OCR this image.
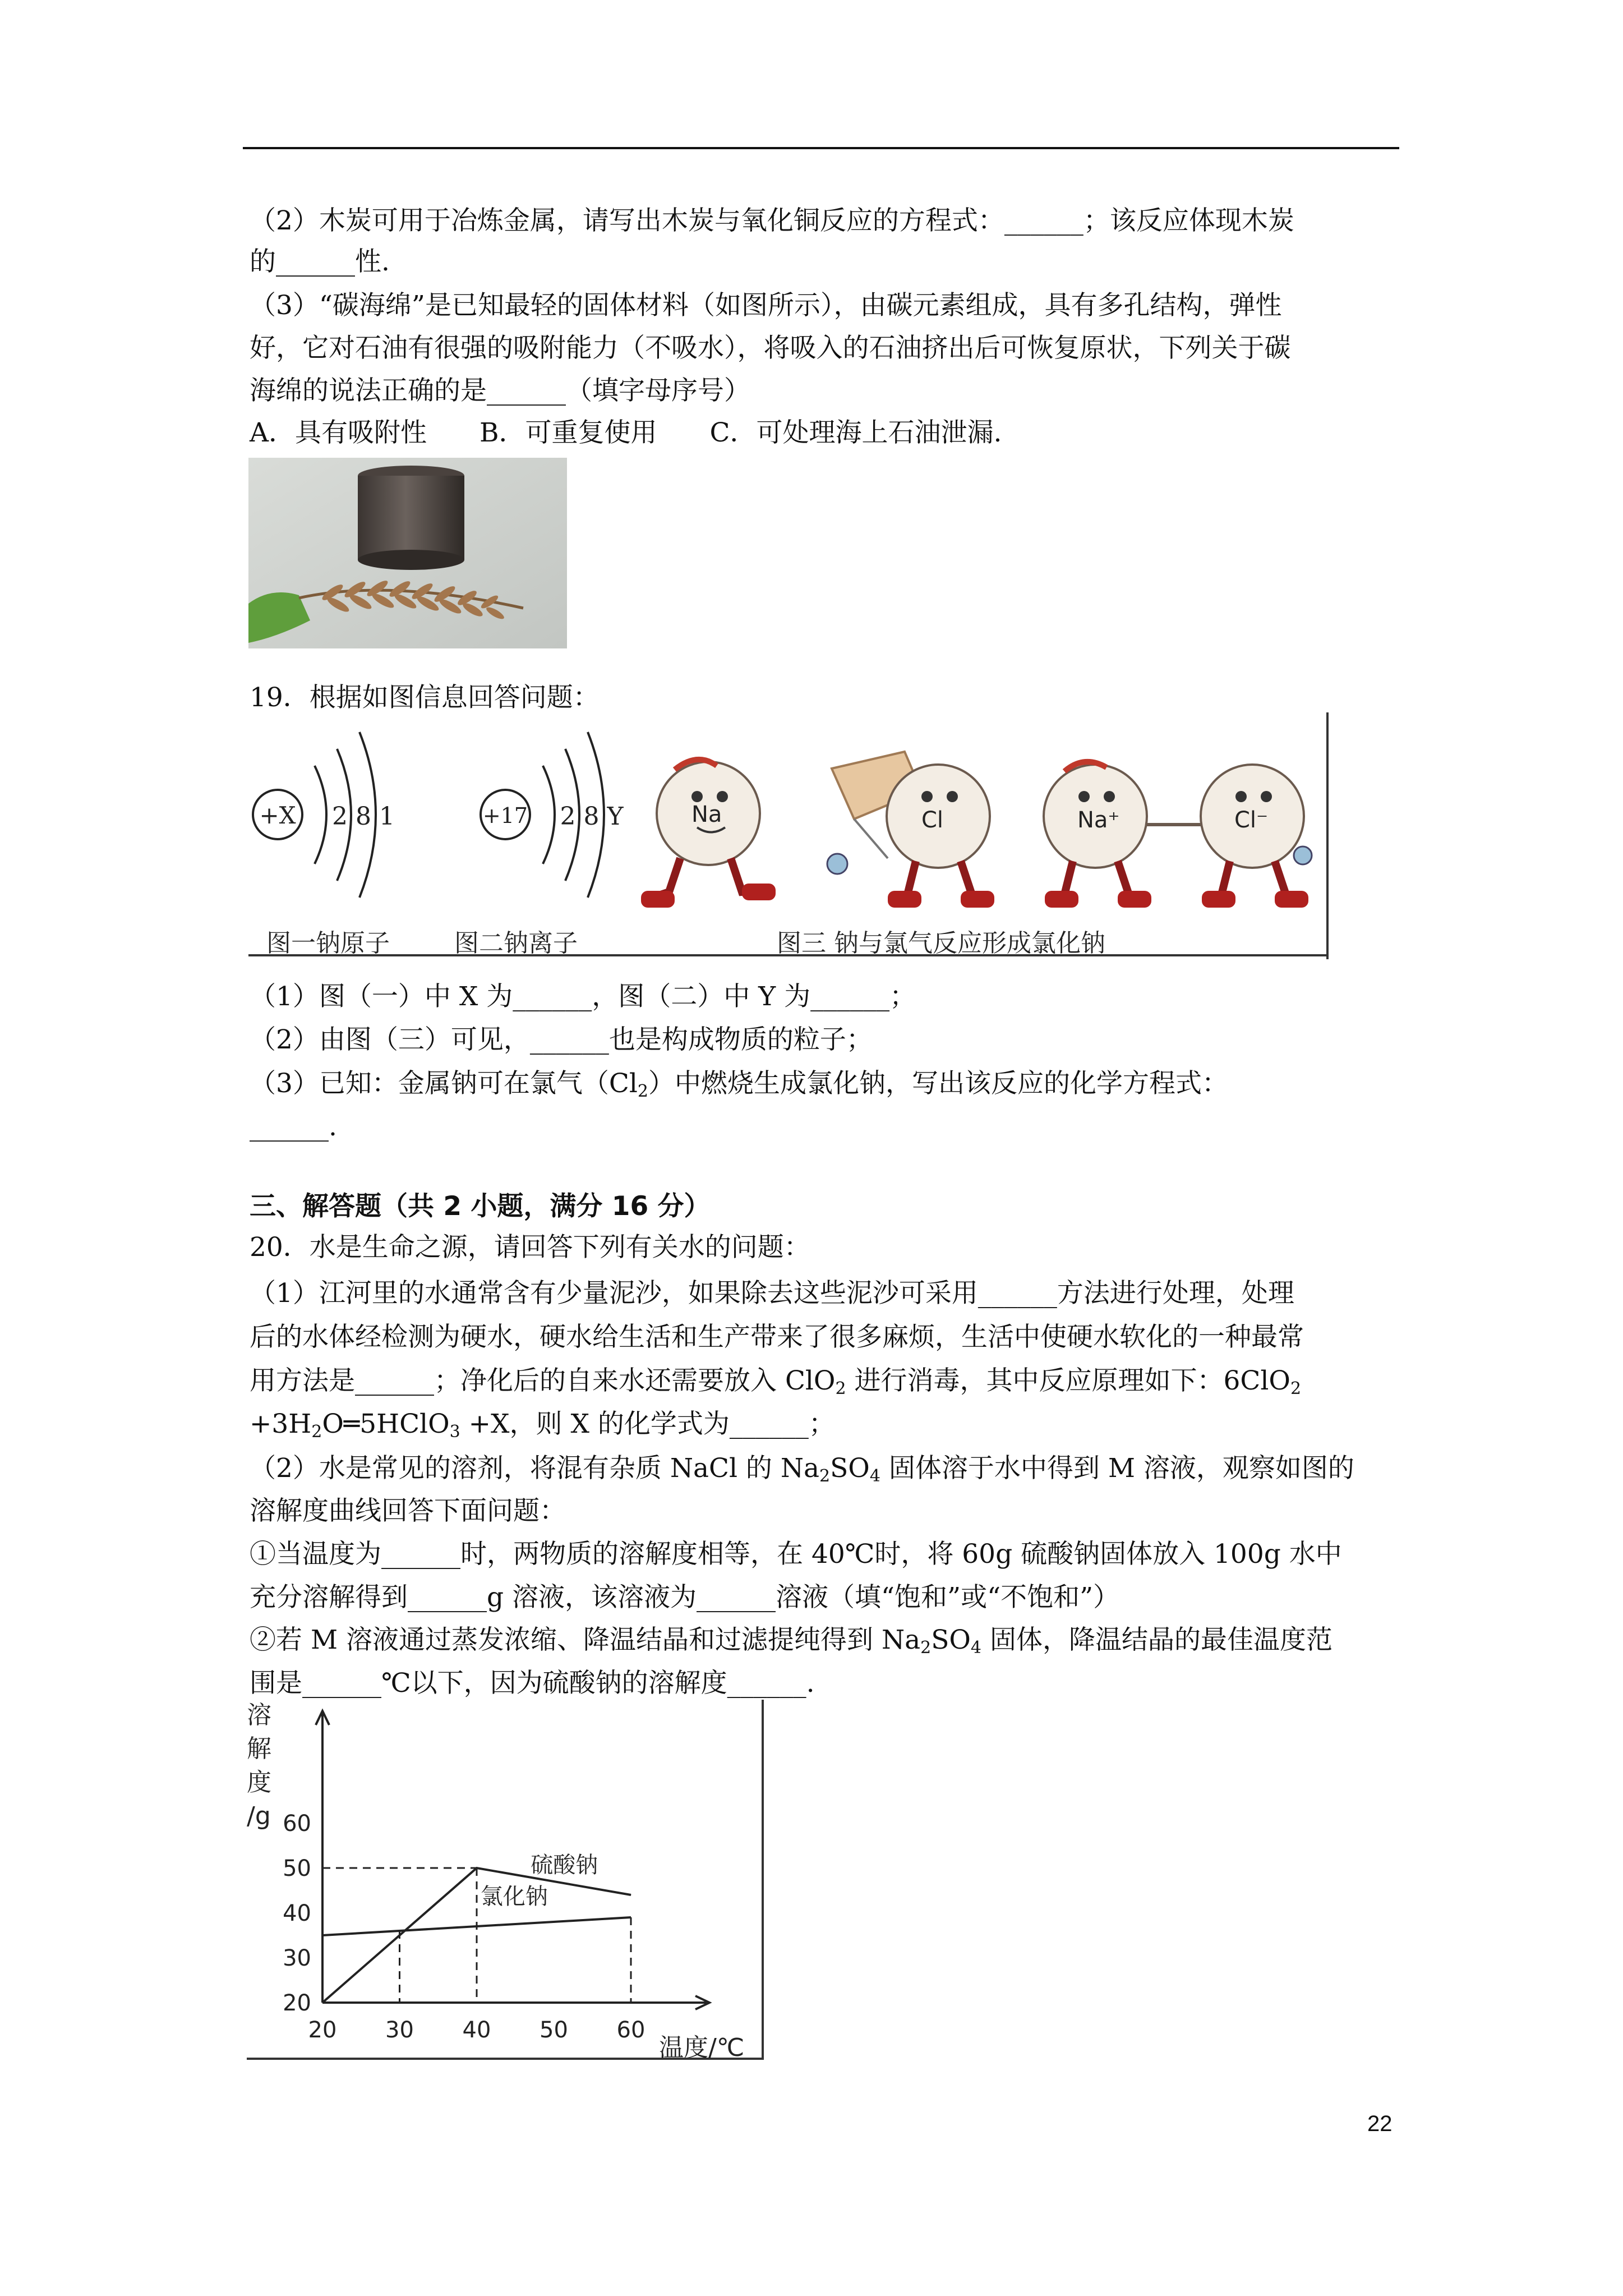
（2）木炭可用于冶炼金属，请写出木炭与氧化铜反应的方程式：______；该反应体现木炭
的______性.
（3）“碳海绵”是已知最轻的固体材料（如图所示），由碳元素组成，具有多孔结构，弹性
好，它对石油有很强的吸附能力（不吸水），将吸入的石油挤出后可恢复原状，下列关于碳
海绵的说法正确的是______（填字母序号）
A．具有吸附性　　B．可重复使用　　C．可处理海上石油泄漏.
19．根据如图信息回答问题：
+X 2 8 1	+17 2 8 Y	Na	Cl	Na⁺	Cl⁻
图一钠原子	图二钠离子	图三 钠与氯气反应形成氯化钠
（1）图（一）中 X 为______，图（二）中 Y 为______；
（2）由图（三）可见，______也是构成物质的粒子；
（3）已知：金属钠可在氯气$(Cl_2)$中燃烧生成氯化钠，写出该反应的化学方程式：
______.
三、解答题（共 2 小题，满分 16 分）
20．水是生命之源，请回答下列有关水的问题：
（1）江河里的水通常含有少量泥沙，如果除去这些泥沙可采用______方法进行处理，处理
后的水体经检测为硬水，硬水给生活和生产带来了很多麻烦，生活中使硬水软化的一种最常
用方法是______；净化后的自来水还需要放入 ClO$_2$ 进行消毒，其中反应原理如下：6ClO$_2$
$+3H_2O═5HClO_3 +X$，则 X 的化学式为______；
（2）水是常见的溶剂，将混有杂质 NaCl 的 $Na_2SO_4$ 固体溶于水中得到 M 溶液，观察如图的
溶解度曲线回答下面问题：
①当温度为______时，两物质的溶解度相等，在 40℃时，将 60g 硫酸钠固体放入 100g 水中
充分溶解得到______g 溶液，该溶液为______溶液（填“饱和”或“不饱和”）
②若 M 溶液通过蒸发浓缩、降温结晶和过滤提纯得到 $Na_2SO_4$ 固体，降温结晶的最佳温度范
围是______℃以下，因为硫酸钠的溶解度______.
20
30
40
50
60
20 30 40 50 60
溶
解
度
/g
温度/℃
硫酸钠
氯化钠
22
